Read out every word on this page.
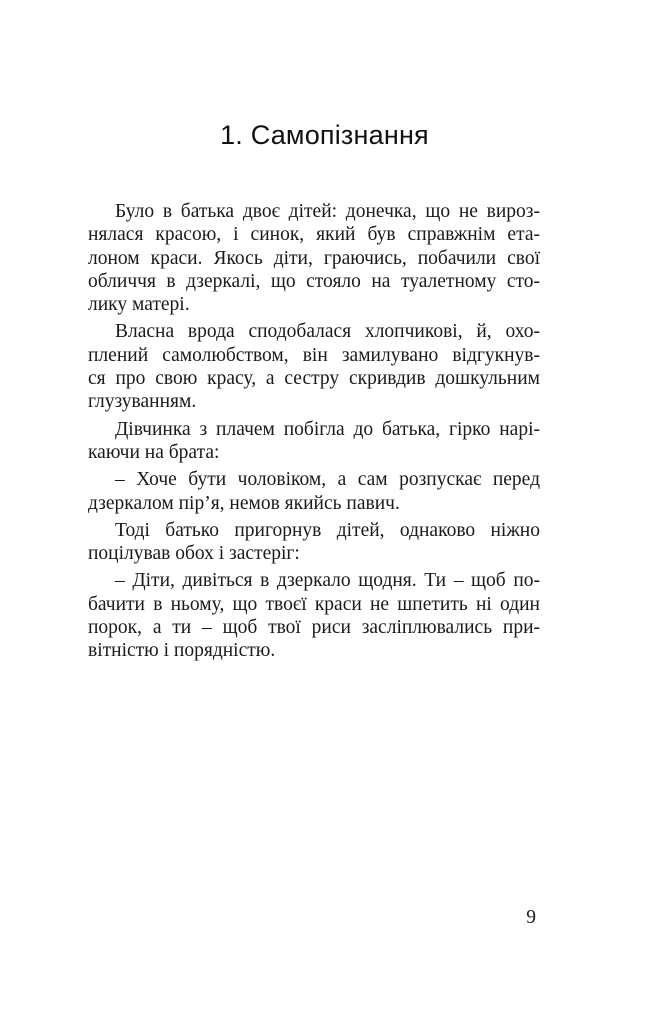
1. Самопізнання
Було в батька двоє дітей: донечка, що не вироз-
нялася красою, і синок, який був справжнім ета-
лоном краси. Якось діти, граючись, побачили свої
обличчя в дзеркалі, що стояло на туалетному сто-
лику матері.
Власна врода сподобалася хлопчикові, й, охо-
плений самолюбством, він замилувано відгукнув-
ся про свою красу, а сестру скривдив дошкульним
глузуванням.
Дівчинка з плачем побігла до батька, гірко нарі-
каючи на брата:
– Хоче бути чоловіком, а сам розпускає перед
дзеркалом пір’я, немов якийсь павич.
Тоді батько пригорнув дітей, однаково ніжно
поцілував обох і застеріг:
– Діти, дивіться в дзеркало щодня. Ти – щоб по-
бачити в ньому, що твоєї краси не шпетить ні один
порок, а ти – щоб твої риси засліплювались при-
вітністю і порядністю.
9
